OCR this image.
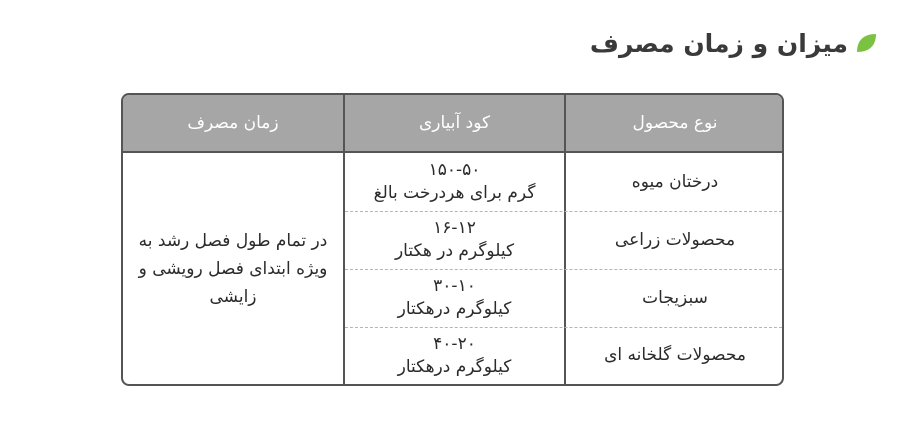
میزان و زمان مصرف
نوع محصول
کود آبیاری
زمان مصرف
درختان میوه
۱۵۰-۵۰
گرم برای هردرخت بالغ
محصولات زراعی
۱۶-۱۲
کیلوگرم در هکتار
سبزیجات
۳۰-۱۰
کیلوگرم درهکتار
محصولات گلخانه ای
۴۰-۲۰
کیلوگرم درهکتار
در تمام طول فصل رشد به ویژه ابتدای فصل رویشی و زایشی
